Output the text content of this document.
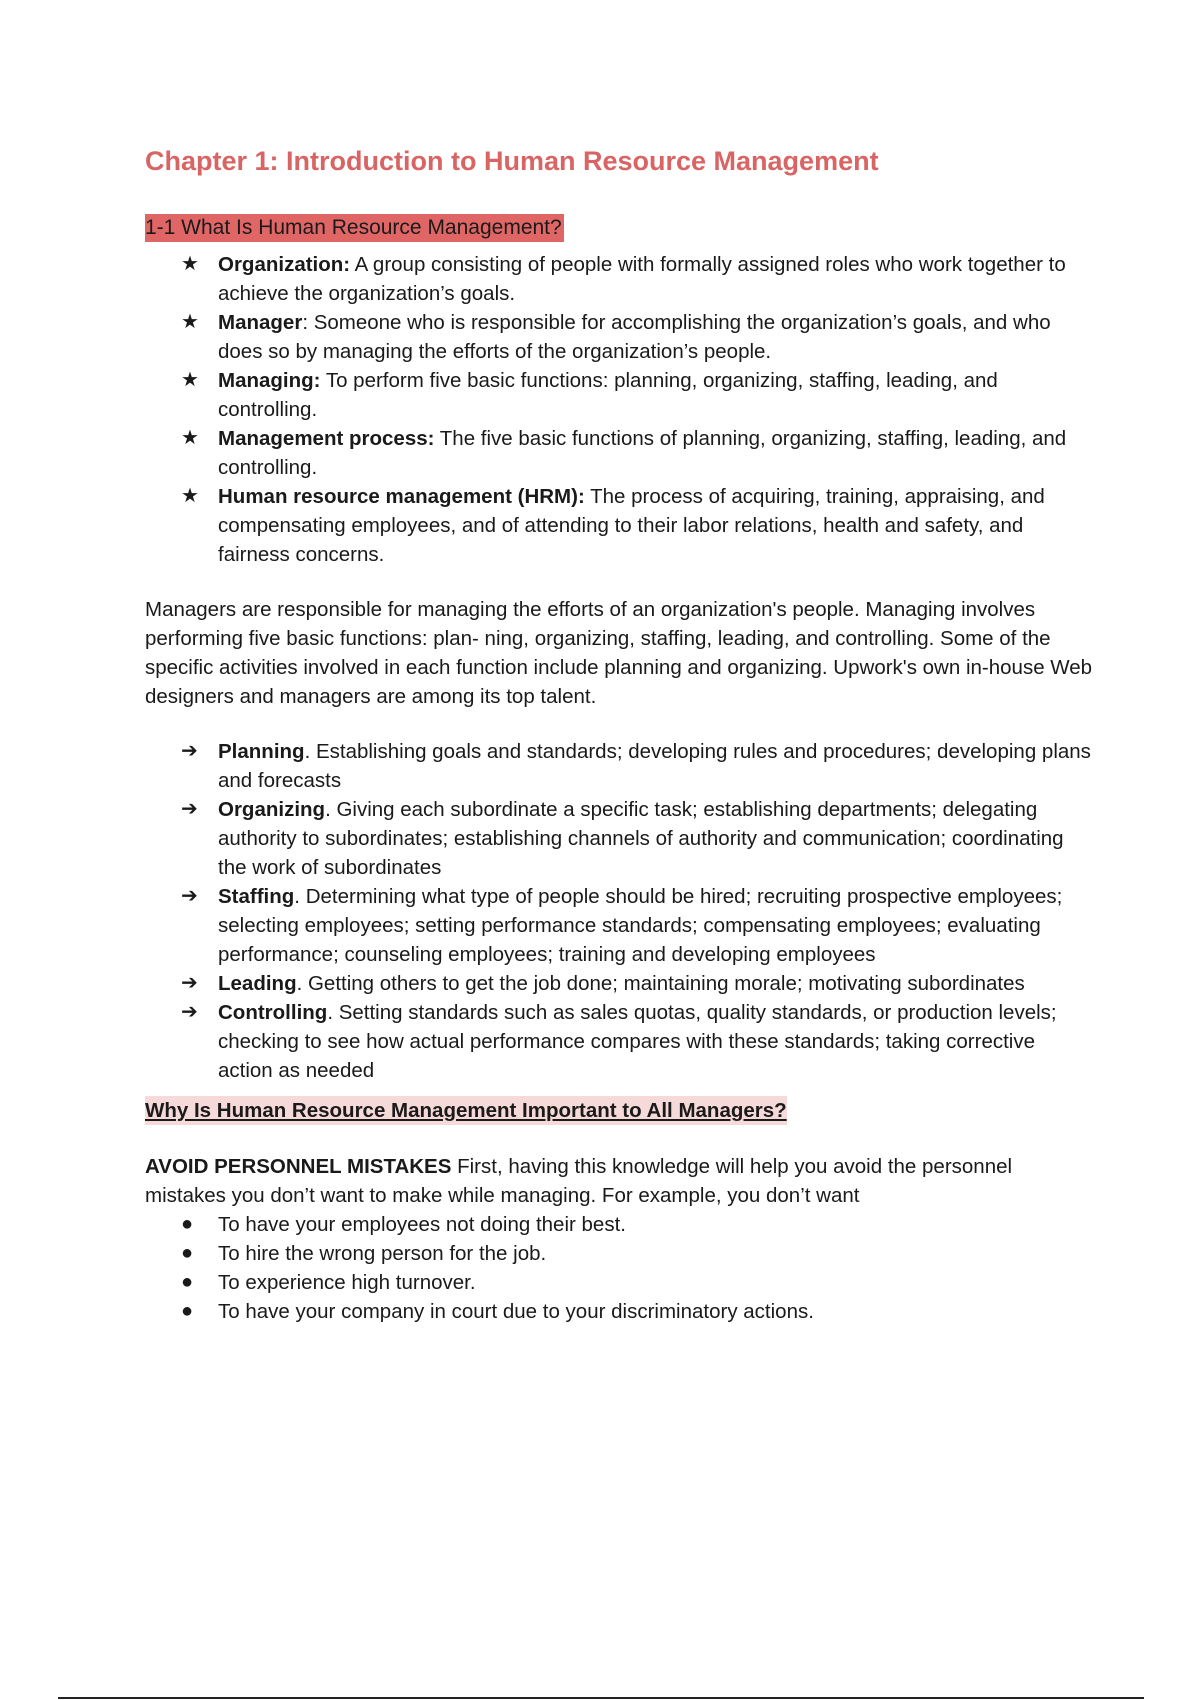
Chapter 1: Introduction to Human Resource Management
1-1 What Is Human Resource Management?
★ Organization: A group consisting of people with formally assigned roles who work together to achieve the organization’s goals.
★ Manager: Someone who is responsible for accomplishing the organization’s goals, and who does so by managing the efforts of the organization’s people.
★ Managing: To perform five basic functions: planning, organizing, staffing, leading, and controlling.
★ Management process: The five basic functions of planning, organizing, staffing, leading, and controlling.
★ Human resource management (HRM): The process of acquiring, training, appraising, and compensating employees, and of attending to their labor relations, health and safety, and fairness concerns.

Managers are responsible for managing the efforts of an organization's people. Managing involves performing five basic functions: plan- ning, organizing, staffing, leading, and controlling. Some of the specific activities involved in each function include planning and organizing. Upwork's own in-house Web designers and managers are among its top talent.

➔ Planning. Establishing goals and standards; developing rules and procedures; developing plans and forecasts
➔ Organizing. Giving each subordinate a specific task; establishing departments; delegating authority to subordinates; establishing channels of authority and communication; coordinating the work of subordinates
➔ Staffing. Determining what type of people should be hired; recruiting prospective employees; selecting employees; setting performance standards; compensating employees; evaluating performance; counseling employees; training and developing employees
➔ Leading. Getting others to get the job done; maintaining morale; motivating subordinates
➔ Controlling. Setting standards such as sales quotas, quality standards, or production levels; checking to see how actual performance compares with these standards; taking corrective action as needed
Why Is Human Resource Management Important to All Managers?

AVOID PERSONNEL MISTAKES First, having this knowledge will help you avoid the personnel mistakes you don’t want to make while managing. For example, you don’t want

●	To have your employees not doing their best.
●	To hire the wrong person for the job.
●	To experience high turnover.
●	To have your company in court due to your discriminatory actions.
